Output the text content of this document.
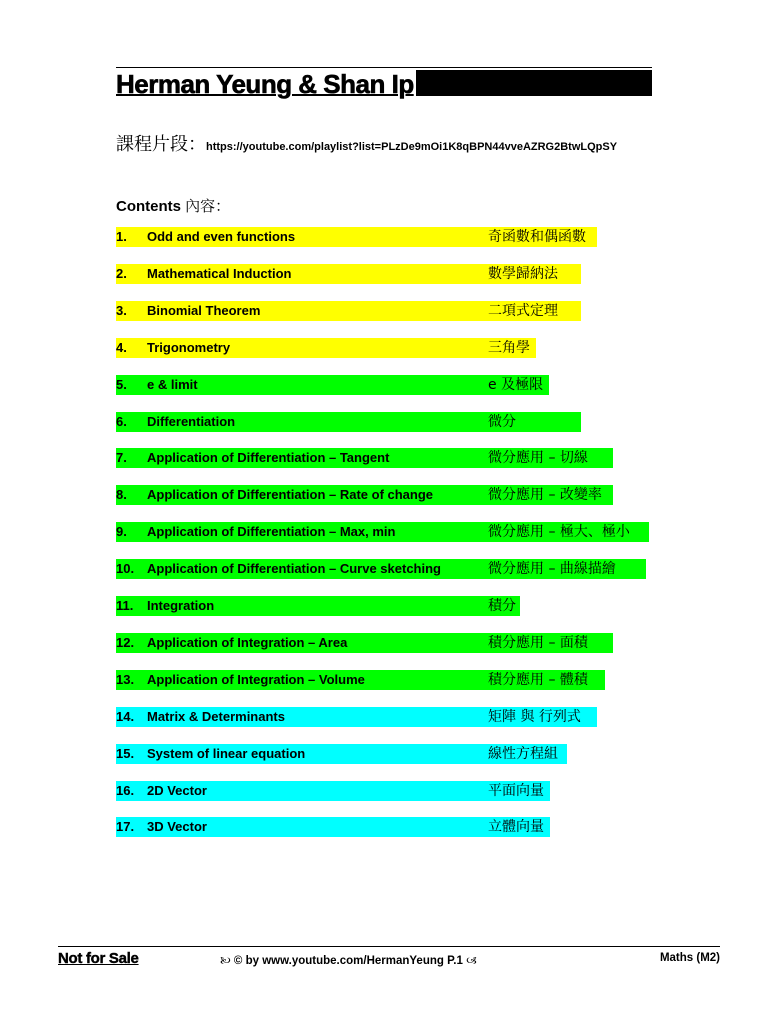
Herman Yeung & Shan Ip
課程片段：https://youtube.com/playlist?list=PLzDe9mOi1K8qBPN44vveAZRG2BtwLQpSY
Contents 內容：
1. Odd and even functions	奇函數和偶函數
2. Mathematical Induction	數學歸納法
3. Binomial Theorem	二項式定理
4. Trigonometry	三角學
5. e & limit	e 及極限
6. Differentiation	微分
7. Application of Differentiation – Tangent	微分應用 – 切線
8. Application of Differentiation – Rate of change	微分應用 – 改變率
9. Application of Differentiation – Max, min	微分應用 – 極大、極小
10. Application of Differentiation – Curve sketching	微分應用 – 曲線描繪
11. Integration	積分
12. Application of Integration – Area	積分應用 – 面積
13. Application of Integration – Volume	積分應用 – 體積
14. Matrix & Determinants	矩陣 與 行列式
15. System of linear equation	線性方程組
16. 2D Vector	平面向量
17. 3D Vector	立體向量
Not for Sale	🙠 © by www.youtube.com/HermanYeung P.1 🙢	Maths (M2)
